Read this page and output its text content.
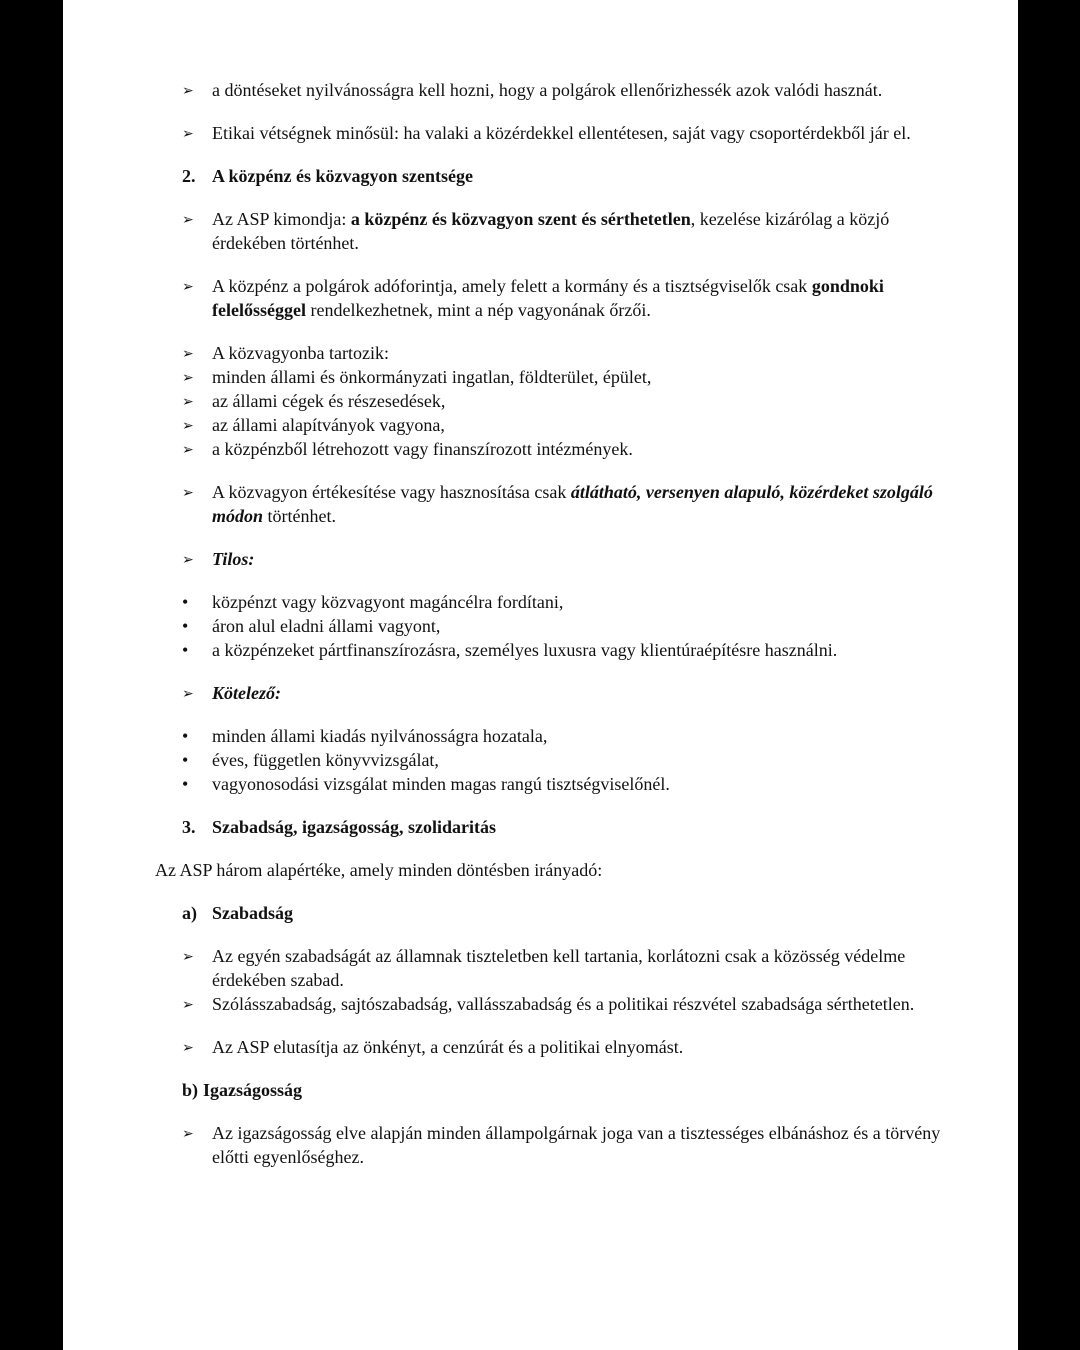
➢ a döntéseket nyilvánosságra kell hozni, hogy a polgárok ellenőrizhessék azok valódi hasznát.
➢ Etikai vétségnek minősül: ha valaki a közérdekkel ellentétesen, saját vagy csoportérdekből jár el.
2. A közpénz és közvagyon szentsége
➢ Az ASP kimondja: a közpénz és közvagyon szent és sérthetetlen, kezelése kizárólag a közjó érdekében történhet.
➢ A közpénz a polgárok adóforintja, amely felett a kormány és a tisztségviselők csak gondnoki felelősséggel rendelkezhetnek, mint a nép vagyonának őrzői.
➢ A közvagyonba tartozik:
➢ minden állami és önkormányzati ingatlan, földterület, épület,
➢ az állami cégek és részesedések,
➢ az állami alapítványok vagyona,
➢ a közpénzből létrehozott vagy finanszírozott intézmények.
➢ A közvagyon értékesítése vagy hasznosítása csak átlátható, versenyen alapuló, közérdeket szolgáló módon történhet.
➢ Tilos:
• közpénzt vagy közvagyont magáncélra fordítani,
• áron alul eladni állami vagyont,
• a közpénzeket pártfinanszírozásra, személyes luxusra vagy klientúraépítésre használni.
➢ Kötelező:
• minden állami kiadás nyilvánosságra hozatala,
• éves, független könyvvizsgálat,
• vagyonosodási vizsgálat minden magas rangú tisztségviselőnél.
3. Szabadság, igazságosság, szolidaritás
Az ASP három alapértéke, amely minden döntésben irányadó:
a) Szabadság
➢ Az egyén szabadságát az államnak tiszteletben kell tartania, korlátozni csak a közösség védelme érdekében szabad.
➢ Szólásszabadság, sajtószabadság, vallásszabadság és a politikai részvétel szabadsága sérthetetlen.
➢ Az ASP elutasítja az önkényt, a cenzúrát és a politikai elnyomást.
b) Igazságosság
➢ Az igazságosság elve alapján minden állampolgárnak joga van a tisztességes elbánáshoz és a törvény előtti egyenlőséghez.
